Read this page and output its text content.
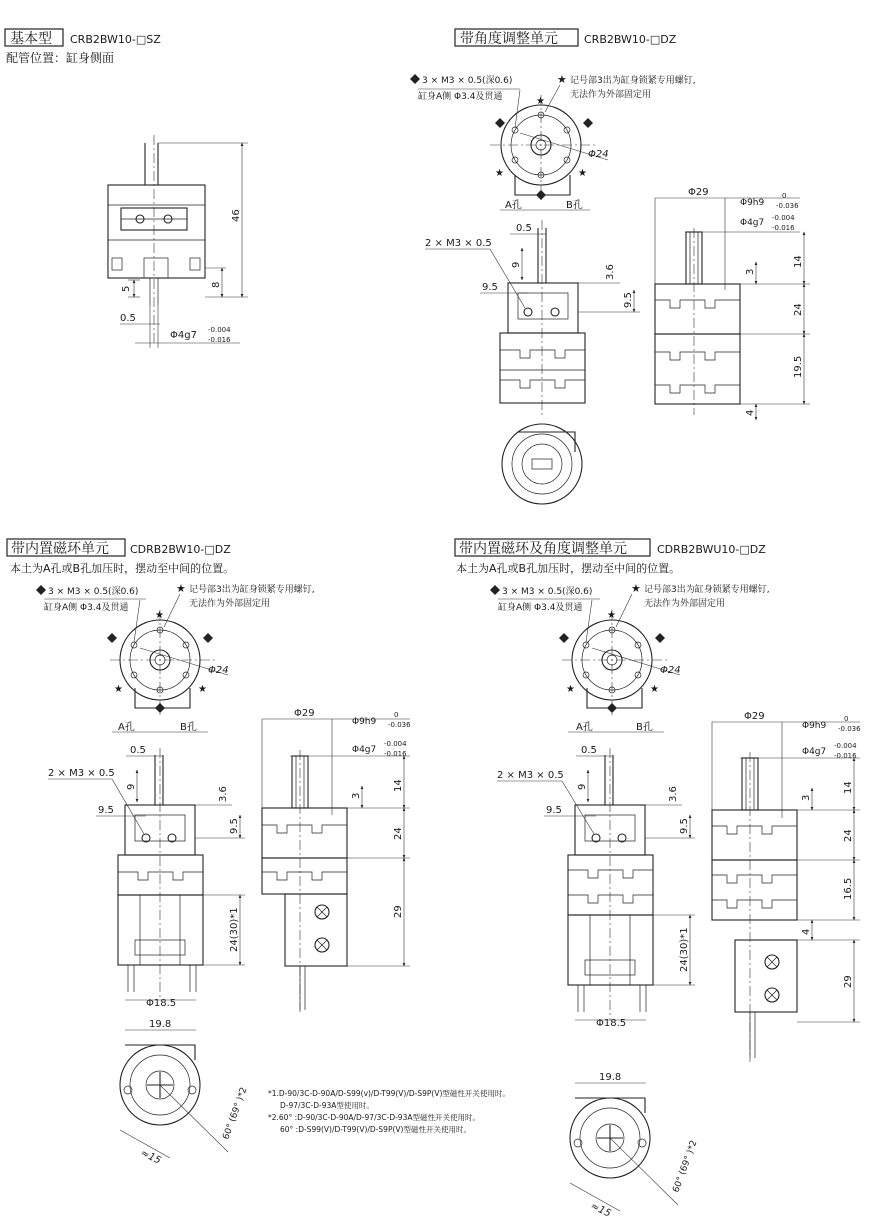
基本型 CRB2BW10-□SZ
配管位置：缸身侧面
46
8
5
0.5
Φ4g7 -0.004
-0.016
带角度调整单元 CRB2BW10-□DZ
3 × M3 × 0.5(深0.6)
缸身A侧 Φ3.4及贯通
★ 记号部3出为缸身锁紧专用螺钉,
无法作为外部固定用
Φ24
★
★	★
A孔	B孔
2 × M3 × 0.5
0.5
9	3.6
9.5
9.5
Φ29
Φ9h9
0
-0.036
Φ4g7 -0.004
-0.016
14
3
24
19.5
4
带内置磁环单元 CDRB2BW10-□DZ
本土为A孔或B孔加压时，摆动至中间的位置。
3 × M3 × 0.5(深0.6)
缸身A侧 Φ3.4及贯通
★ 记号部3出为缸身锁紧专用螺钉,
无法作为外部固定用
Φ24
★
★	★
A孔	B孔
2 × M3 × 0.5
0.5
9	3.6
9.5
9.5
24(30)*1
Φ18.5
Φ29
Φ9h9
0
-0.036
Φ4g7
-0.004
-0.016
14
3
24
29
19.8
60° (69° )*2
≈15
带内置磁环及角度调整单元	CDRB2BWU10-□DZ
本土为A孔或B孔加压时，摆动至中间的位置。
3 × M3 × 0.5(深0.6)
缸身A侧 Φ3.4及贯通
★ 记号部3出为缸身锁紧专用螺钉,
无法作为外部固定用
Φ24
★
★	★
A孔	B孔
2 × M3 × 0.5
0.5
9	3.6
9.5
9.5
24(30)*1
Φ18.5
Φ29
Φ9h9
0
-0.036
Φ4g7
-0.004
-0.016
14
3
24
16.5
4
29
19.8
60° (69° )*2
≈15
*1.D-90/3C-D-90A/D-S99(v)/D-T99(V)/D-S9P(V)型磁性开关使用时。
D-97/3C-D-93A型使用时。
*2.60° :D-90/3C-D-90A/D-97/3C-D-93A型磁性开关使用时。
60° :D-S99(V)/D-T99(V)/D-S9P(V)型磁性开关使用时。
